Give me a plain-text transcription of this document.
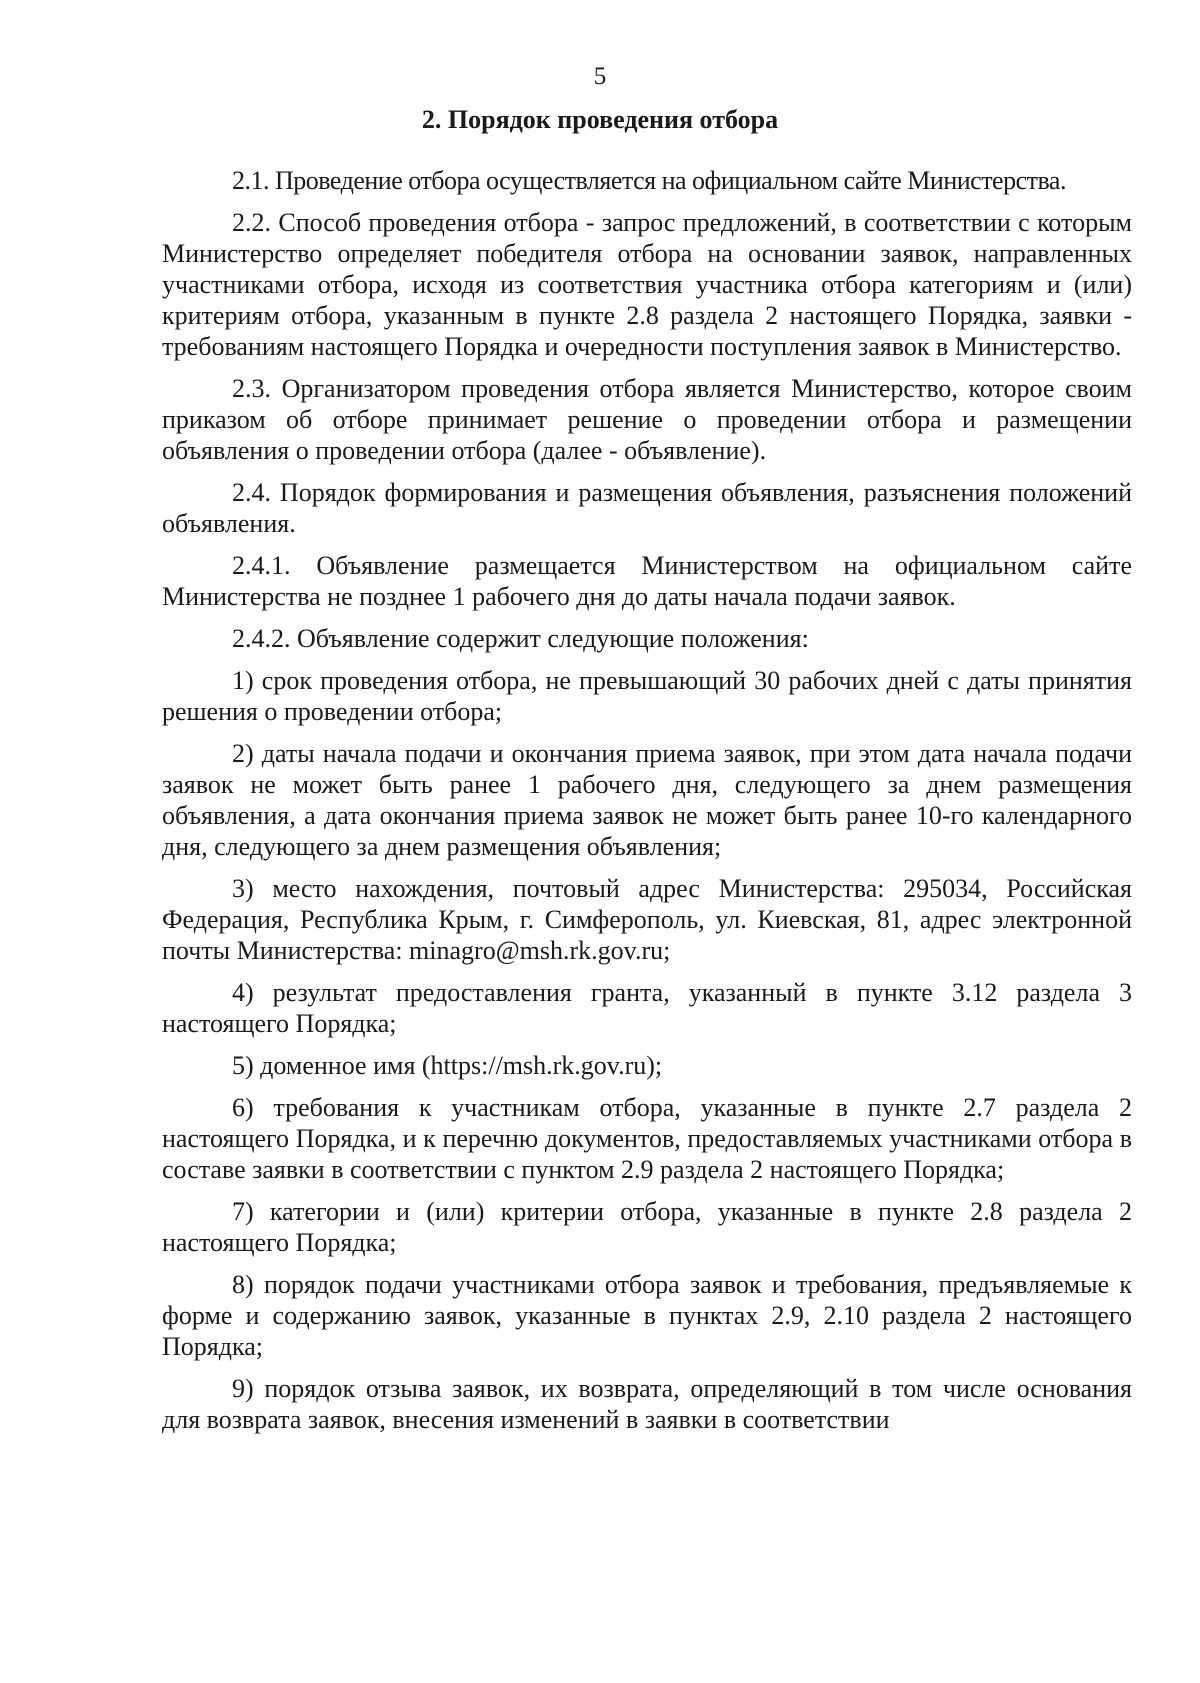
5
2. Порядок проведения отбора

2.1. Проведение отбора осуществляется на официальном сайте Министерства.

2.2. Способ проведения отбора - запрос предложений, в соответствии с которым Министерство определяет победителя отбора на основании заявок, направленных участниками отбора, исходя из соответствия участника отбора категориям и (или) критериям отбора, указанным в пункте 2.8 раздела 2 настоящего Порядка, заявки - требованиям настоящего Порядка и очередности поступления заявок в Министерство.

2.3. Организатором проведения отбора является Министерство, которое своим приказом об отборе принимает решение о проведении отбора и размещении объявления о проведении отбора (далее - объявление).

2.4. Порядок формирования и размещения объявления, разъяснения положений объявления.

2.4.1. Объявление размещается Министерством на официальном сайте Министерства не позднее 1 рабочего дня до даты начала подачи заявок.

2.4.2. Объявление содержит следующие положения:

1) срок проведения отбора, не превышающий 30 рабочих дней с даты принятия решения о проведении отбора;

2) даты начала подачи и окончания приема заявок, при этом дата начала подачи заявок не может быть ранее 1 рабочего дня, следующего за днем размещения объявления, а дата окончания приема заявок не может быть ранее 10-го календарного дня, следующего за днем размещения объявления;

3) место нахождения, почтовый адрес Министерства: 295034, Российская Федерация, Республика Крым, г. Симферополь, ул. Киевская, 81, адрес электронной почты Министерства: minagro@msh.rk.gov.ru;

4) результат предоставления гранта, указанный в пункте 3.12 раздела 3 настоящего Порядка;

5) доменное имя (https://msh.rk.gov.ru);

6) требования к участникам отбора, указанные в пункте 2.7 раздела 2 настоящего Порядка, и к перечню документов, предоставляемых участниками отбора в составе заявки в соответствии с пунктом 2.9 раздела 2 настоящего Порядка;

7) категории и (или) критерии отбора, указанные в пункте 2.8 раздела 2 настоящего Порядка;

8) порядок подачи участниками отбора заявок и требования, предъявляемые к форме и содержанию заявок, указанные в пунктах 2.9, 2.10 раздела 2 настоящего Порядка;

9) порядок отзыва заявок, их возврата, определяющий в том числе основания для возврата заявок, внесения изменений в заявки в соответствии
